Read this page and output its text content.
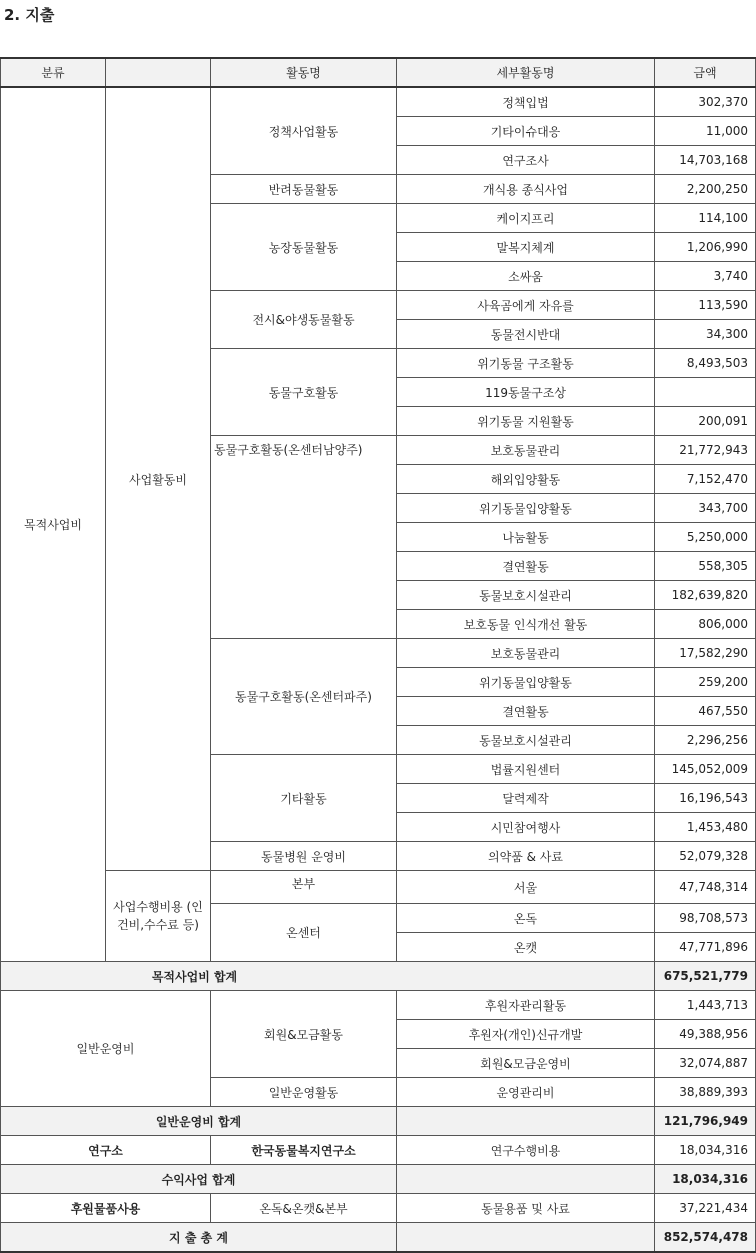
2. 지출
분류		활동명	세부활동명	금액
목적사업비	사업활동비	정책사업활동	정책입법	302,370
			기타이슈대응	11,000
			연구조사	14,703,168
		반려동물활동	개식용 종식사업	2,200,250
		농장동물활동	케이지프리	114,100
			말복지체계	1,206,990
			소싸움	3,740
		전시&야생동물활동	사육곰에게 자유를	113,590
			동물전시반대	34,300
		동물구호활동	위기동물 구조활동	8,493,503
			119동물구조상	
			위기동물 지원활동	200,091
		동물구호활동(온센터남양주)	보호동물관리	21,772,943
			해외입양활동	7,152,470
			위기동물입양활동	343,700
			나눔활동	5,250,000
			결연활동	558,305
			동물보호시설관리	182,639,820
			보호동물 인식개선 활동	806,000
		동물구호활동(온센터파주)	보호동물관리	17,582,290
			위기동물입양활동	259,200
			결연활동	467,550
			동물보호시설관리	2,296,256
		기타활동	법률지원센터	145,052,009
			달력제작	16,196,543
			시민참여행사	1,453,480
		동물병원 운영비	의약품 & 사료	52,079,328
	사업수행비용 (인건비,수수료 등)	본부	서울	47,748,314
		온센터	온독	98,708,573
			온캣	47,771,896
목적사업비 합계				675,521,779
일반운영비		회원&모금활동	후원자관리활동	1,443,713
			후원자(개인)신규개발	49,388,956
			회원&모금운영비	32,074,887
		일반운영활동	운영관리비	38,889,393
일반운영비 합계				121,796,949
연구소		한국동물복지연구소	연구수행비용	18,034,316
수익사업 합계				18,034,316
후원물품사용		온독&온캣&본부	동물용품 및 사료	37,221,434
지 출 총 계				852,574,478
